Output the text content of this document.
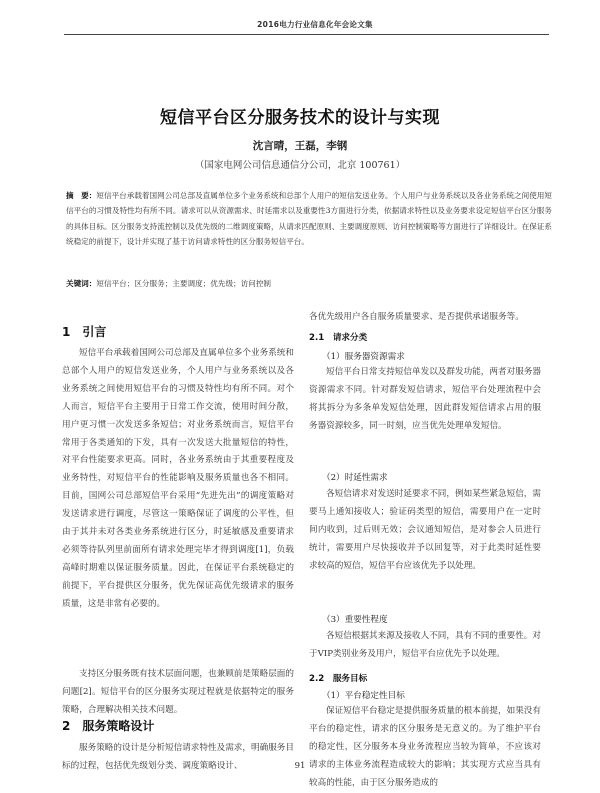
2016电力行业信息化年会论文集
短信平台区分服务技术的设计与实现
沈言晴，王磊，李钢
（国家电网公司信息通信分公司，北京 100761）
摘　要：短信平台承载着国网公司总部及直属单位多个业务系统和总部个人用户的短信发送业务。个人用户与业务系统以及各业务系统之间使用短信平台的习惯及特性均有所不同。请求可以从资源需求、时延需求以及重要性3方面进行分类，依据请求特性以及业务要求设定短信平台区分服务的具体目标。区分服务支持流控制以及优先级的二维调度策略，从请求匹配原则、主要调度原则、访问控制策略等方面进行了详细设计。在保证系统稳定的前提下，设计并实现了基于访问请求特性的区分服务短信平台。
关键词：短信平台；区分服务；主要调度；优先级；访问控制
1　引言
短信平台承载着国网公司总部及直属单位多个业务系统和总部个人用户的短信发送业务，个人用户与业务系统以及各业务系统之间使用短信平台的习惯及特性均有所不同。对个人而言，短信平台主要用于日常工作交流，使用时间分散，用户更习惯一次发送多条短信；对业务系统而言，短信平台常用于各类通知的下发，具有一次发送大批量短信的特性，对平台性能要求更高。同时，各业务系统由于其重要程度及业务特性，对短信平台的性能影响及服务质量也各不相同。目前，国网公司总部短信平台采用“先进先出”的调度策略对发送请求进行调度，尽管这一策略保证了调度的公平性，但由于其并未对各类业务系统进行区分，时延敏感及重要请求必须等待队列里前面所有请求处理完毕才得到调度[1]，负载高峰时期难以保证服务质量。因此，在保证平台系统稳定的前提下，平台提供区分服务，优先保证高优先级请求的服务质量，这是非常有必要的。
支持区分服务既有技术层面问题，也兼顾前是策略层面的问题[2]。短信平台的区分服务实现过程就是依据特定的服务策略，合理解决相关技术问题。
2　服务策略设计
服务策略的设计是分析短信请求特性及需求，明确服务目标的过程，包括优先级划分类、调度策略设计、
各优先级用户各自服务质量要求、是否提供承诺服务等。
2.1　请求分类
（1）服务器资源需求
短信平台日常支持短信单发以及群发功能，两者对服务器资源需求不同。针对群发短信请求，短信平台处理流程中会将其拆分为多条单发短信处理，因此群发短信请求占用的服务器资源较多，同一时刻，应当优先处理单发短信。
（2）时延性需求
各短信请求对发送时延要求不同，例如某些紧急短信，需要马上通知接收人；验证码类型的短信，需要用户在一定时间内收到，过后则无效；会议通知短信，是对参会人员进行统计，需要用户尽快接收并予以回复等，对于此类时延性要求较高的短信，短信平台应该优先予以处理。
（3）重要性程度
各短信根据其来源及接收人不同，具有不同的重要性。对于VIP类别业务及用户，短信平台应优先予以处理。
2.2　服务目标
（1）平台稳定性目标
保证短信平台稳定是提供服务质量的根本前提，如果没有平台的稳定性，请求的区分服务是无意义的。为了维护平台的稳定性，区分服务本身业务流程应当较为简单，不应该对请求的主体业务流程造成较大的影响；其实现方式应当具有较高的性能，由于区分服务造成的
91
